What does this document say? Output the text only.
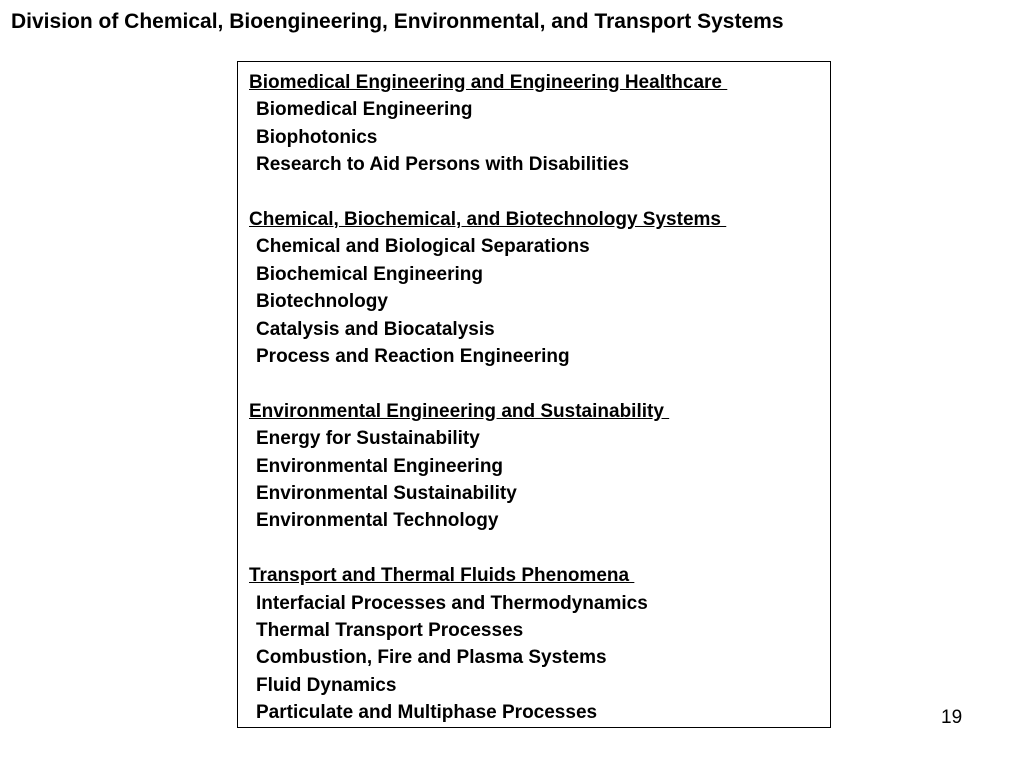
Division of Chemical, Bioengineering, Environmental, and Transport Systems
Biomedical Engineering and Engineering Healthcare
Biomedical Engineering
Biophotonics
Research to Aid Persons with Disabilities
Chemical, Biochemical, and Biotechnology Systems
Chemical and Biological Separations
Biochemical Engineering
Biotechnology
Catalysis and Biocatalysis
Process and Reaction Engineering
Environmental Engineering and Sustainability
Energy for Sustainability
Environmental Engineering
Environmental Sustainability
Environmental Technology
Transport and Thermal Fluids Phenomena
Interfacial Processes and Thermodynamics
Thermal Transport Processes
Combustion, Fire and Plasma Systems
Fluid Dynamics
Particulate and Multiphase Processes	19
